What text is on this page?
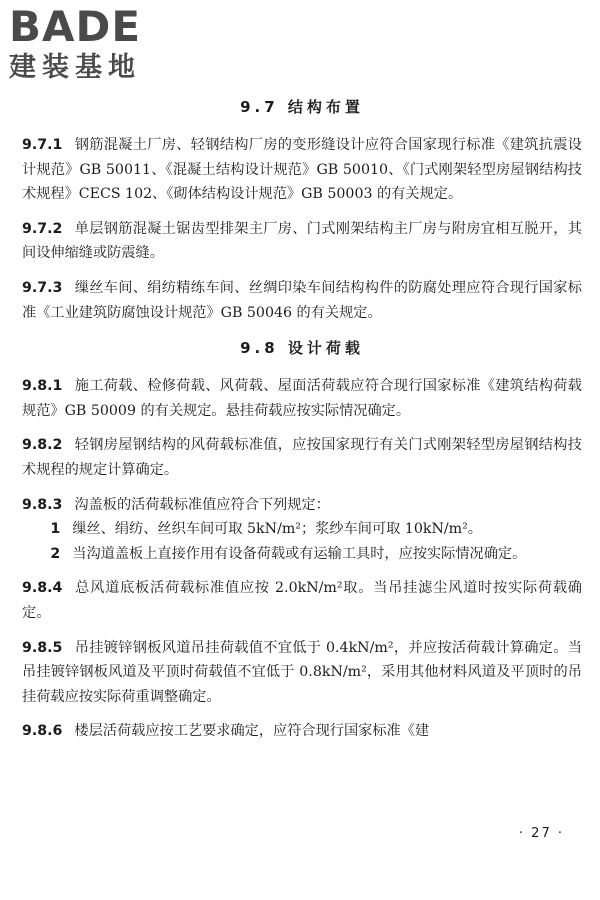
BADE
建装基地
9.7 结构布置

9.7.1 钢筋混凝土厂房、轻钢结构厂房的变形缝设计应符合国家现行标准《建筑抗震设计规范》GB 50011、《混凝土结构设计规范》GB 50010、《门式刚架轻型房屋钢结构技术规程》CECS 102、《砌体结构设计规范》GB 50003 的有关规定。

9.7.2 单层钢筋混凝土锯齿型排架主厂房、门式刚架结构主厂房与附房宜相互脱开，其间设伸缩缝或防震缝。

9.7.3 缫丝车间、绢纺精练车间、丝绸印染车间结构构件的防腐处理应符合现行国家标准《工业建筑防腐蚀设计规范》GB 50046 的有关规定。

9.8 设计荷载

9.8.1 施工荷载、检修荷载、风荷载、屋面活荷载应符合现行国家标准《建筑结构荷载规范》GB 50009 的有关规定。悬挂荷载应按实际情况确定。

9.8.2 轻钢房屋钢结构的风荷载标准值，应按国家现行有关门式刚架轻型房屋钢结构技术规程的规定计算确定。

9.8.3 沟盖板的活荷载标准值应符合下列规定：

1 缫丝、绢纺、丝织车间可取 5kN/m²；浆纱车间可取 10kN/m²。

2 当沟道盖板上直接作用有设备荷载或有运输工具时，应按实际情况确定。

9.8.4 总风道底板活荷载标准值应按 2.0kN/m²取。当吊挂滤尘风道时按实际荷载确定。

9.8.5 吊挂镀锌钢板风道吊挂荷载值不宜低于 0.4kN/m²，并应按活荷载计算确定。当吊挂镀锌钢板风道及平顶时荷载值不宜低于 0.8kN/m²，采用其他材料风道及平顶时的吊挂荷载应按实际荷重调整确定。

9.8.6 楼层活荷载应按工艺要求确定，应符合现行国家标准《建

· 27 ·
